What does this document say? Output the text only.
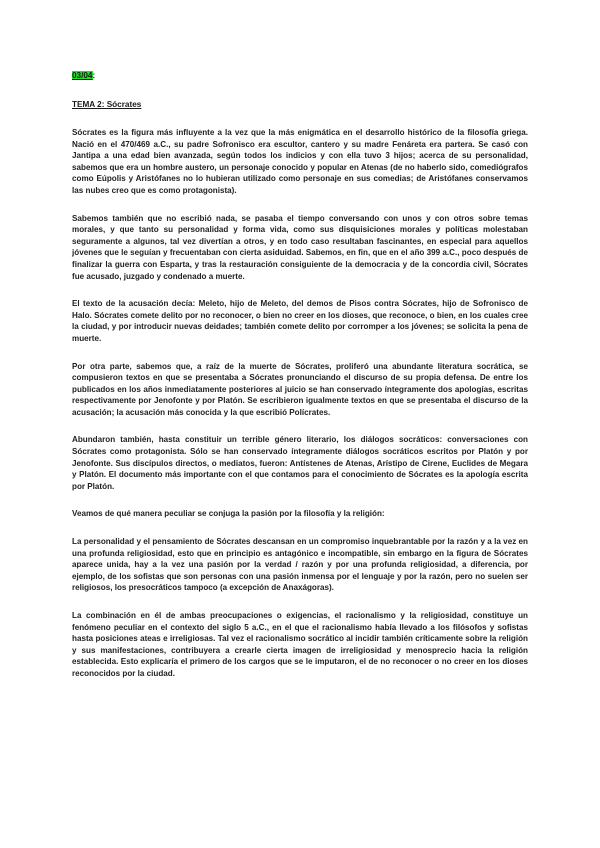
03/04:
TEMA 2: Sócrates

Sócrates es la figura más influyente a la vez que la más enigmática en el desarrollo histórico de la filosofía griega. Nació en el 470/469 a.C., su padre Sofronisco era escultor, cantero y su madre Fenáreta era partera. Se casó con Jantipa a una edad bien avanzada, según todos los indicios y con ella tuvo 3 hijos; acerca de su personalidad, sabemos que era un hombre austero, un personaje conocido y popular en Atenas (de no haberlo sido, comediógrafos como Eúpolis y Aristófanes no lo hubieran utilizado como personaje en sus comedias; de Aristófanes conservamos las nubes creo que es como protagonista).

Sabemos también que no escribió nada, se pasaba el tiempo conversando con unos y con otros sobre temas morales, y que tanto su personalidad y forma vida, como sus disquisiciones morales y políticas molestaban seguramente a algunos, tal vez divertían a otros, y en todo caso resultaban fascinantes, en especial para aquellos jóvenes que le seguían y frecuentaban con cierta asiduidad. Sabemos, en fin, que en el año 399 a.C., poco después de finalizar la guerra con Esparta, y tras la restauración consiguiente de la democracia y de la concordia civil, Sócrates fue acusado, juzgado y condenado a muerte.

El texto de la acusación decía: Meleto, hijo de Meleto, del demos de Pisos contra Sócrates, hijo de Sofronisco de Halo. Sócrates comete delito por no reconocer, o bien no creer en los dioses, que reconoce, o bien, en los cuales cree la ciudad, y por introducir nuevas deidades; también comete delito por corromper a los jóvenes; se solicita la pena de muerte.

Por otra parte, sabemos que, a raíz de la muerte de Sócrates, proliferó una abundante literatura socrática, se compusieron textos en que se presentaba a Sócrates pronunciando el discurso de su propia defensa. De entre los publicados en los años inmediatamente posteriores al juicio se han conservado íntegramente dos apologías, escritas respectivamente por Jenofonte y por Platón. Se escribieron igualmente textos en que se presentaba el discurso de la acusación; la acusación más conocida y la que escribió Polícrates.

Abundaron también, hasta constituir un terrible género literario, los diálogos socráticos: conversaciones con Sócrates como protagonista. Sólo se han conservado íntegramente diálogos socráticos escritos por Platón y por Jenofonte. Sus discípulos directos, o mediatos, fueron: Antístenes de Atenas, Arístipo de Cirene, Euclides de Megara y Platón. El documento más importante con el que contamos para el conocimiento de Sócrates es la apología escrita por Platón.

Veamos de qué manera peculiar se conjuga la pasión por la filosofía y la religión:

La personalidad y el pensamiento de Sócrates descansan en un compromiso inquebrantable por la razón y a la vez en una profunda religiosidad, esto que en principio es antagónico e incompatible, sin embargo en la figura de Sócrates aparece unida, hay a la vez una pasión por la verdad / razón y por una profunda religiosidad, a diferencia, por ejemplo, de los sofistas que son personas con una pasión inmensa por el lenguaje y por la razón, pero no suelen ser religiosos, los presocráticos tampoco (a excepción de Anaxágoras).

La combinación en él de ambas preocupaciones o exigencias, el racionalismo y la religiosidad, constituye un fenómeno peculiar en el contexto del siglo 5 a.C., en el que el racionalismo había llevado a los filósofos y sofistas hasta posiciones ateas e irreligiosas. Tal vez el racionalismo socrático al incidir también críticamente sobre la religión y sus manifestaciones, contribuyera a crearle cierta imagen de irreligiosidad y menosprecio hacia la religión establecida. Esto explicaría el primero de los cargos que se le imputaron, el de no reconocer o no creer en los dioses reconocidos por la ciudad.
